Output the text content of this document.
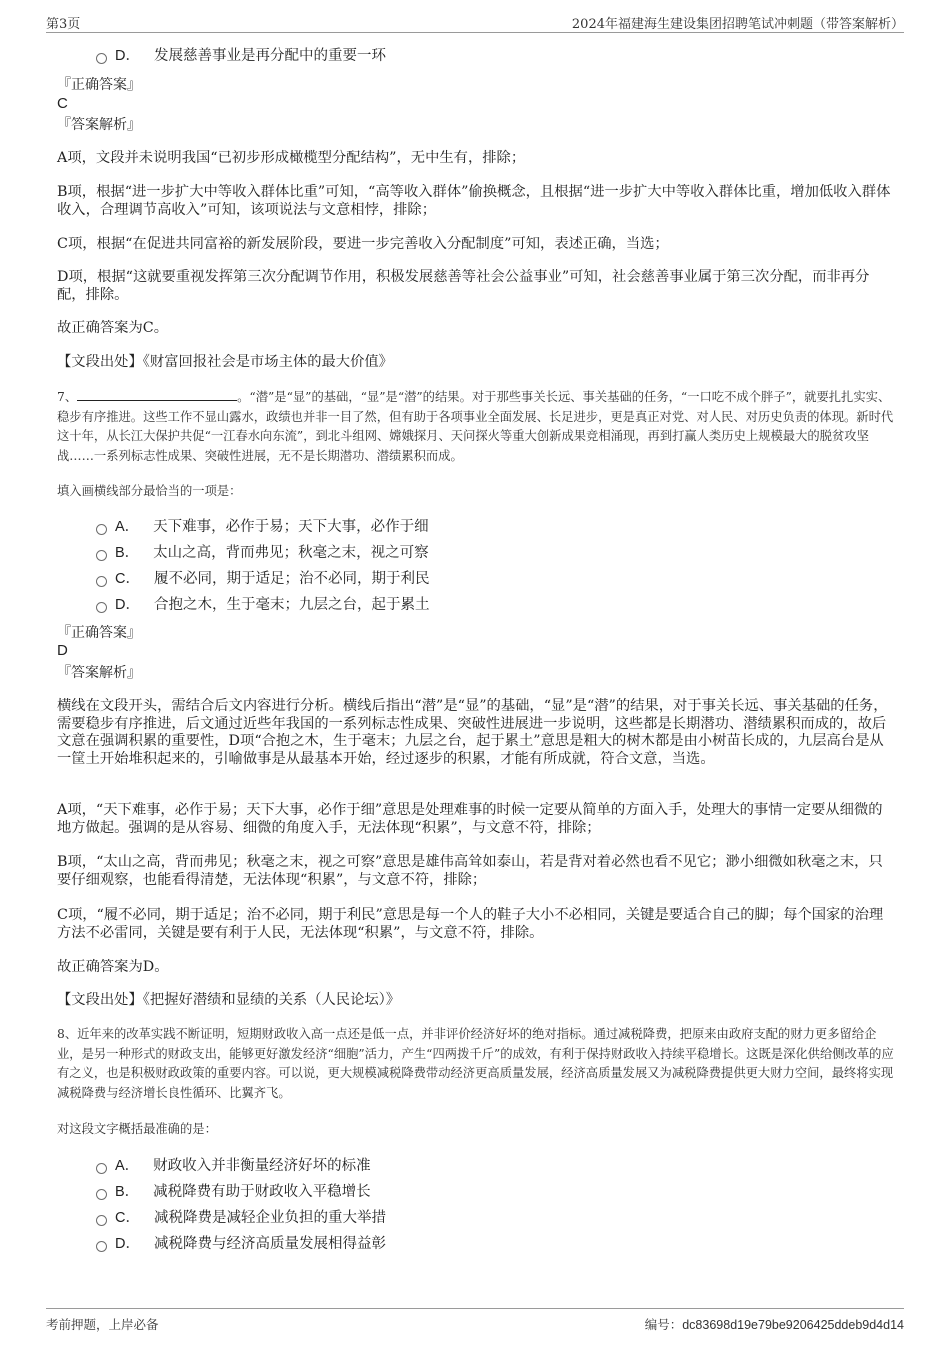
第3页	2024年福建海生建设集团招聘笔试冲刺题（带答案解析）
D． 发展慈善事业是再分配中的重要一环
『正确答案』
C
『答案解析』
A项，文段并未说明我国“已初步形成橄榄型分配结构”，无中生有，排除；
B项，根据“进一步扩大中等收入群体比重”可知，“高等收入群体”偷换概念，且根据“进一步扩大中等收入群体比重，增加低收入群体收入，合理调节高收入”可知，该项说法与文意相悖，排除；
C项，根据“在促进共同富裕的新发展阶段，要进一步完善收入分配制度”可知，表述正确，当选；
D项，根据“这就要重视发挥第三次分配调节作用，积极发展慈善等社会公益事业”可知，社会慈善事业属于第三次分配，而非再分配，排除。
故正确答案为C。
【文段出处】《财富回报社会是市场主体的最大价值》
7、	。“潜”是“显”的基础，“显”是“潜”的结果。对于那些事关长远、事关基础的任务，“一口吃不成个胖子”，就要扎扎实实、稳步有序推进。这些工作不显山露水，政绩也并非一目了然，但有助于各项事业全面发展、长足进步，更是真正对党、对人民、对历史负责的体现。新时代这十年，从长江大保护共促“一江春水向东流”，到北斗组网、嫦娥探月、天问探火等重大创新成果竞相涌现，再到打赢人类历史上规模最大的脱贫攻坚战……一系列标志性成果、突破性进展，无不是长期潜功、潜绩累积而成。
填入画横线部分最恰当的一项是：
A． 天下难事，必作于易；天下大事，必作于细
B． 太山之高，背而弗见；秋毫之末，视之可察
C． 履不必同，期于适足；治不必同，期于利民
D． 合抱之木，生于毫末；九层之台，起于累土
『正确答案』
D
『答案解析』
横线在文段开头，需结合后文内容进行分析。横线后指出“潜”是“显”的基础，“显”是“潜”的结果，对于事关长远、事关基础的任务，需要稳步有序推进，后文通过近些年我国的一系列标志性成果、突破性进展进一步说明，这些都是长期潜功、潜绩累积而成的，故后文意在强调积累的重要性，D项“合抱之木，生于毫末；九层之台，起于累土”意思是粗大的树木都是由小树苗长成的，九层高台是从一筐土开始堆积起来的，引喻做事是从最基本开始，经过逐步的积累，才能有所成就，符合文意，当选。
A项，“天下难事，必作于易；天下大事，必作于细”意思是处理难事的时候一定要从简单的方面入手，处理大的事情一定要从细微的地方做起。强调的是从容易、细微的角度入手，无法体现“积累”，与文意不符，排除；
B项，“太山之高，背而弗见；秋毫之末，视之可察”意思是雄伟高耸如泰山，若是背对着必然也看不见它；渺小细微如秋毫之末，只要仔细观察，也能看得清楚，无法体现“积累”，与文意不符，排除；
C项，“履不必同，期于适足；治不必同，期于利民”意思是每一个人的鞋子大小不必相同，关键是要适合自己的脚；每个国家的治理方法不必雷同，关键是要有利于人民，无法体现“积累”，与文意不符，排除。
故正确答案为D。
【文段出处】《把握好潜绩和显绩的关系（人民论坛）》
8、近年来的改革实践不断证明，短期财政收入高一点还是低一点，并非评价经济好坏的绝对指标。通过减税降费，把原来由政府支配的财力更多留给企业，是另一种形式的财政支出，能够更好激发经济“细胞”活力，产生“四两拨千斤”的成效，有利于保持财政收入持续平稳增长。这既是深化供给侧改革的应有之义，也是积极财政政策的重要内容。可以说，更大规模减税降费带动经济更高质量发展，经济高质量发展又为减税降费提供更大财力空间，最终将实现减税降费与经济增长良性循环、比翼齐飞。
对这段文字概括最准确的是：
A． 财政收入并非衡量经济好坏的标准
B． 减税降费有助于财政收入平稳增长
C． 减税降费是减轻企业负担的重大举措
D． 减税降费与经济高质量发展相得益彰
考前押题，上岸必备	编号：dc83698d19e79be9206425ddeb9d4d14
